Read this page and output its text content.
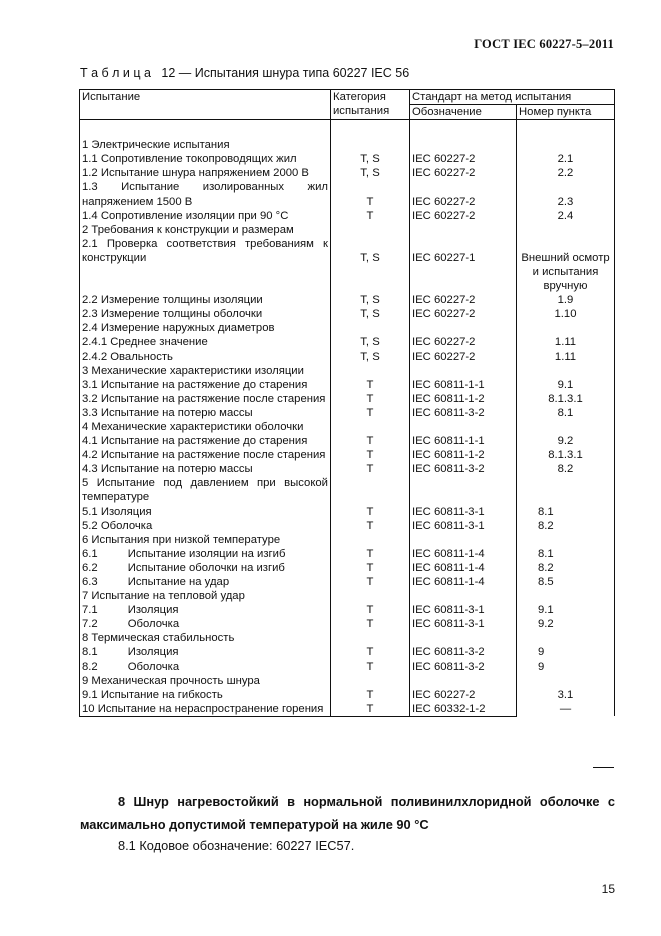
ГОСТ IEC 60227-5–2011
Т а б л и ц а   12 — Испытания шнура типа 60227 IEC 56
Испытание	Категория испытания	Стандарт на метод испытания	
		Обозначение	Номер пункта
1 Электрические испытания			
1.1 Сопротивление токопроводящих жил	T, S	IEC 60227-2	2.1
1.2 Испытание шнура напряжением 2000 В	T, S	IEC 60227-2	2.2
1.3 Испытание изолированных жил напряжением 1500 В	T	IEC 60227-2	2.3
1.4 Сопротивление изоляции при 90 °С	T	IEC 60227-2	2.4
2 Требования к конструкции и размерам			
2.1 Проверка соответствия требованиям к конструкции	T, S	IEC 60227-1	Внешний осмотр и испытания вручную
2.2 Измерение толщины изоляции	T, S	IEC 60227-2	1.9
2.3 Измерение толщины оболочки	T, S	IEC 60227-2	1.10
2.4 Измерение наружных диаметров			
2.4.1 Среднее значение	T, S	IEC 60227-2	1.11
2.4.2 Овальность	T, S	IEC 60227-2	1.11
3 Механические характеристики изоляции			
3.1 Испытание на растяжение до старения	T	IEC 60811-1-1	9.1
3.2 Испытание на растяжение после старения	T	IEC 60811-1-2	8.1.3.1
3.3 Испытание на потерю массы	T	IEC 60811-3-2	8.1
4 Механические характеристики оболочки			
4.1 Испытание на растяжение до старения	T	IEC 60811-1-1	9.2
4.2 Испытание на растяжение после старения	T	IEC 60811-1-2	8.1.3.1
4.3 Испытание на потерю массы	T	IEC 60811-3-2	8.2
5 Испытание под давлением при высокой температуре			
5.1 Изоляция	T	IEC 60811-3-1	8.1
5.2 Оболочка	T	IEC 60811-3-1	8.2
6 Испытания при низкой температуре			
6.1 Испытание изоляции на изгиб	T	IEC 60811-1-4	8.1
6.2 Испытание оболочки на изгиб	T	IEC 60811-1-4	8.2
6.3 Испытание на удар	T	IEC 60811-1-4	8.5
7 Испытание на тепловой удар			
7.1 Изоляция	T	IEC 60811-3-1	9.1
7.2 Оболочка	T	IEC 60811-3-1	9.2
8 Термическая стабильность			
8.1 Изоляция	T	IEC 60811-3-2	9
8.2 Оболочка	T	IEC 60811-3-2	9
9 Механическая прочность шнура			
9.1 Испытание на гибкость	T	IEC 60227-2	3.1
10 Испытание на нераспространение горения	T	IEC 60332-1-2	—
8 Шнур нагревостойкий в нормальной поливинилхлоридной оболочке с максимально допустимой температурой на жиле 90 °С
8.1 Кодовое обозначение: 60227 IEC57.
15
